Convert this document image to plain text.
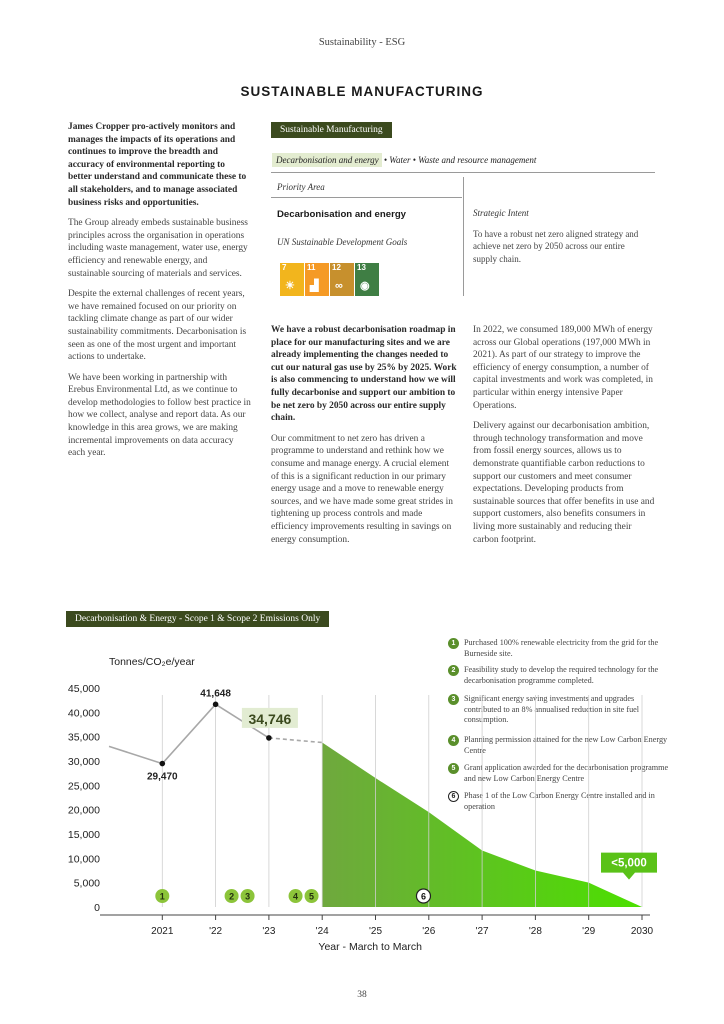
Sustainability - ESG
SUSTAINABLE MANUFACTURING

James Cropper pro-actively monitors and manages the impacts of its operations and continues to improve the breadth and accuracy of environmental reporting to better understand and communicate these to all stakeholders, and to manage associated business risks and opportunities.

The Group already embeds sustainable business principles across the organisation in operations including waste management, water use, energy efficiency and renewable energy, and sustainable sourcing of materials and services.

Despite the external challenges of recent years, we have remained focused on our priority on tackling climate change as part of our wider sustainability commitments. Decarbonisation is seen as one of the most urgent and important actions to undertake.

We have been working in partnership with Erebus Environmental Ltd, as we continue to develop methodologies to follow best practice in how we collect, analyse and report data. As our knowledge in this area grows, we are making incremental improvements on data accuracy each year.

Sustainable Manufacturing
Decarbonisation and energy • Water • Waste and resource management
Priority Area
Decarbonisation and energy
UN Sustainable Development Goals
Strategic Intent
To have a robust net zero aligned strategy and achieve net zero by 2050 across our entire supply chain.
7
☀
11
▟
12
∞
13
◉

We have a robust decarbonisation roadmap in place for our manufacturing sites and we are already implementing the changes needed to cut our natural gas use by 25% by 2025. Work is also commencing to understand how we will fully decarbonise and support our ambition to be net zero by 2050 across our entire supply chain.

Our commitment to net zero has driven a programme to understand and rethink how we consume and manage energy. A crucial element of this is a significant reduction in our primary energy usage and a move to renewable energy sources, and we have made some great strides in tightening up process controls and made efficiency improvements resulting in savings on energy consumption.

In 2022, we consumed 189,000 MWh of energy across our Global operations (197,000 MWh in 2021). As part of our strategy to improve the efficiency of energy consumption, a number of capital investments and work was completed, in particular within energy intensive Paper Operations.

Delivery against our decarbonisation ambition, through technology transformation and move from fossil energy sources, allows us to demonstrate quantifiable carbon reductions to support our customers and meet consumer expectations. Developing products from sustainable sources that offer benefits in use and support customers, also benefits consumers in living more sustainably and reducing their carbon footprint.

Decarbonisation & Energy - Scope 1 & Scope 2 Emissions Only
1	Purchased 100% renewable electricity from the grid for the Burneside site.
2	Feasibility study to develop the required technology for the decarbonisation programme completed.
3	Significant energy saving investments and upgrades contributed to an 8% annualised reduction in site fuel consumption.
4	Planning permission attained for the new Low Carbon Energy Centre
5	Grant application awarded for the decarbonisation programme and new Low Carbon Energy Centre
6	Phase 1 of the Low Carbon Energy Centre installed and in operation
Tonnes/CO₂e/year
45,000
40,000
35,000
30,000
25,000
20,000
15,000
10,000
5,000
0
29,470
41,648
34,746
<5,000
2021	'22	'23	'24	'25	'26	'27	'28	'29	2030
Year - March to March
1	2 3	4 5	6
38
